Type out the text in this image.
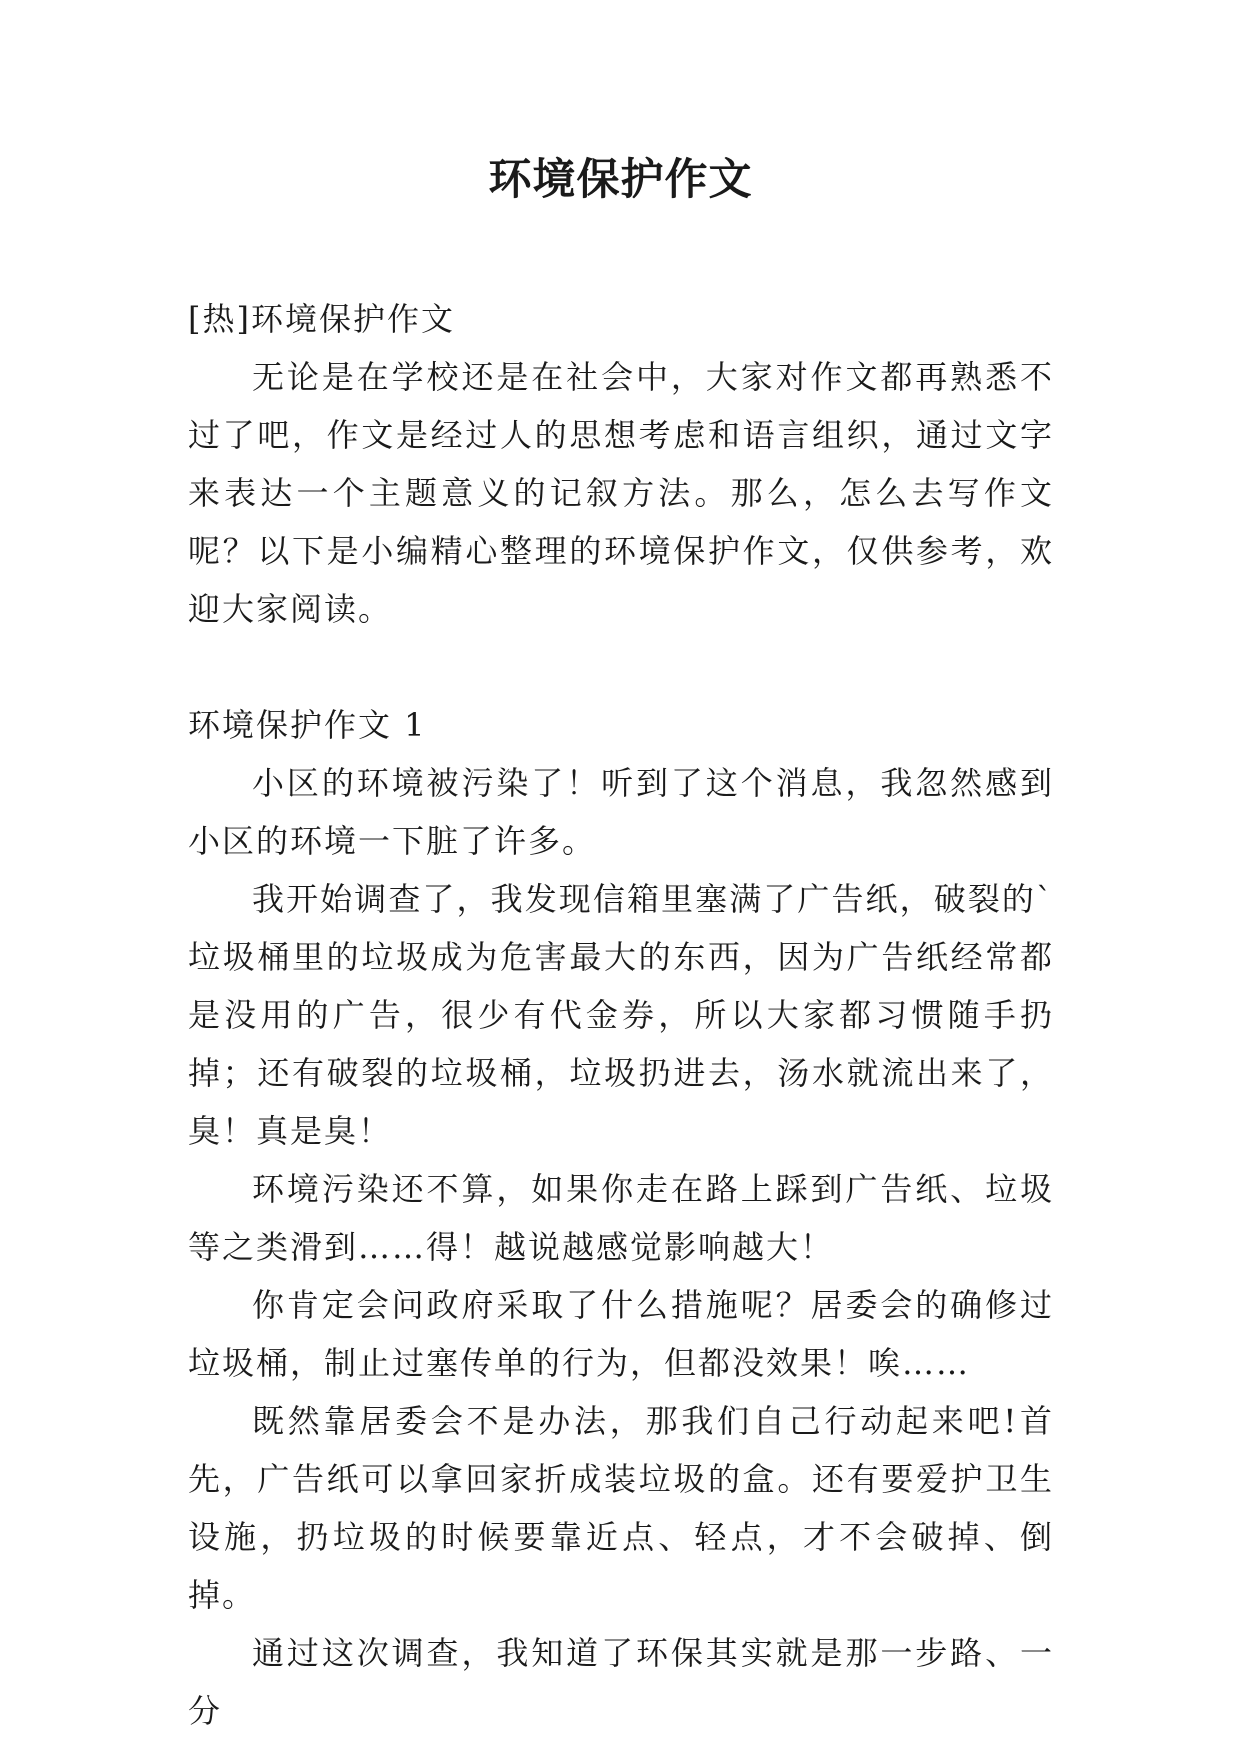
环境保护作文

[热]环境保护作文

无论是在学校还是在社会中，大家对作文都再熟悉不过了吧，作文是经过人的思想考虑和语言组织，通过文字来表达一个主题意义的记叙方法。那么，怎么去写作文呢？以下是小编精心整理的环境保护作文，仅供参考，欢迎大家阅读。

环境保护作文 1

小区的环境被污染了！听到了这个消息，我忽然感到小区的环境一下脏了许多。

我开始调查了，我发现信箱里塞满了广告纸，破裂的`垃圾桶里的垃圾成为危害最大的东西，因为广告纸经常都是没用的广告，很少有代金券，所以大家都习惯随手扔掉；还有破裂的垃圾桶，垃圾扔进去，汤水就流出来了，臭！真是臭！

环境污染还不算，如果你走在路上踩到广告纸、垃圾等之类滑到……得！越说越感觉影响越大！

你肯定会问政府采取了什么措施呢？居委会的确修过垃圾桶，制止过塞传单的行为，但都没效果！唉……

既然靠居委会不是办法，那我们自己行动起来吧!首先，广告纸可以拿回家折成装垃圾的盒。还有要爱护卫生设施，扔垃圾的时候要靠近点、轻点，才不会破掉、倒掉。

通过这次调查，我知道了环保其实就是那一步路、一分
